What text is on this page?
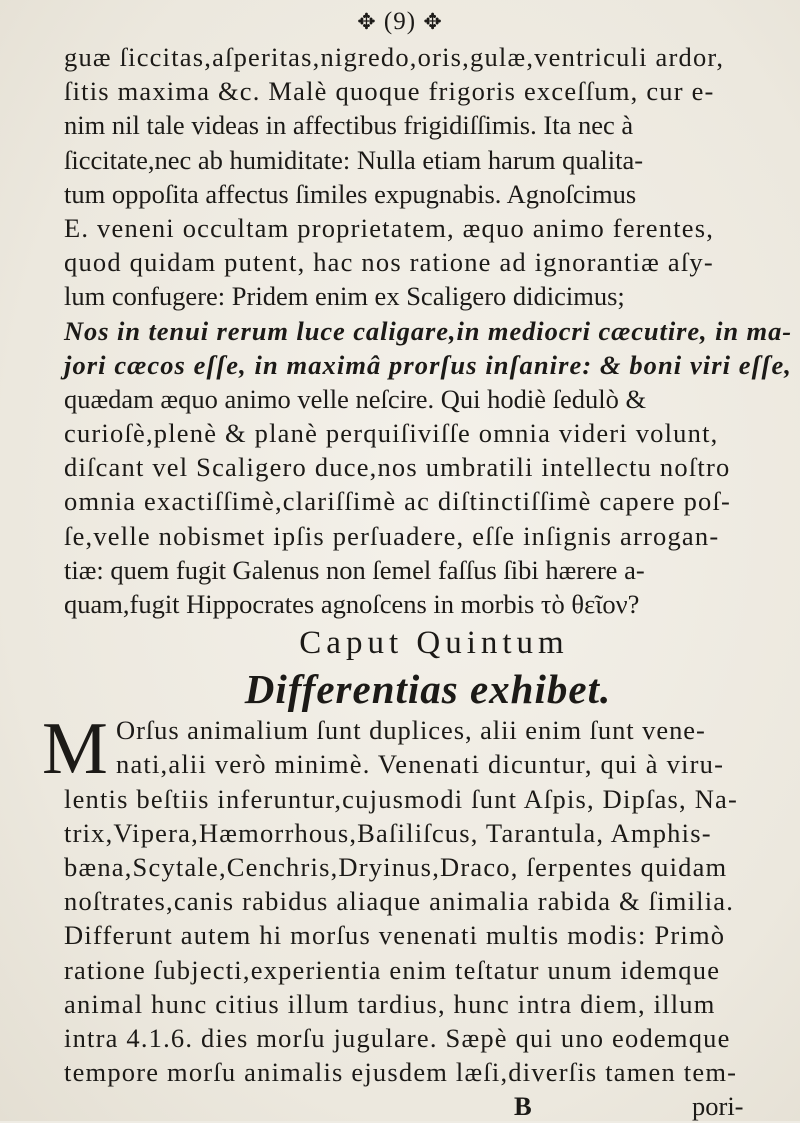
✥ (9) ✥
guæ ſiccitas,aſperitas,nigredo,oris,gulæ,ventriculi ardor,
ſitis maxima &c. Malè quoque frigoris exceſſum, cur e-
nim nil tale videas in affectibus frigidiſſimis. Ita nec à
ſiccitate,nec ab humiditate: Nulla etiam harum qualita-
tum oppoſita affectus ſimiles expugnabis. Agnoſcimus
E. veneni occultam proprietatem, æquo animo ferentes,
quod quidam putent, hac nos ratione ad ignorantiæ aſy-
lum confugere: Pridem enim ex Scaligero didicimus;
Nos in tenui rerum luce caligare,in mediocri cæcutire, in ma-
jori cæcos eſſe, in maximâ prorſus inſanire: & boni viri eſſe,
quædam æquo animo velle neſcire. Qui hodiè ſedulò &
curioſè,plenè & planè perquiſiviſſe omnia videri volunt,
diſcant vel Scaligero duce,nos umbratili intellectu noſtro
omnia exactiſſimè,clariſſimè ac diſtinctiſſimè capere poſ-
ſe,velle nobismet ipſis perſuadere, eſſe inſignis arrogan-
tiæ: quem fugit Galenus non ſemel faſſus ſibi hærere a-
quam,fugit Hippocrates agnoſcens in morbis τὸ θεῖον?
Caput Quintum
Differentias exhibet.
M Orſus animalium ſunt duplices, alii enim ſunt vene-
nati,alii verò minimè. Venenati dicuntur, qui à viru-
lentis beſtiis inferuntur,cujusmodi ſunt Aſpis, Dipſas, Na-
trix,Vipera,Hæmorrhous,Baſiliſcus, Tarantula, Amphis-
bæna,Scytale,Cenchris,Dryinus,Draco, ſerpentes quidam
noſtrates,canis rabidus aliaque animalia rabida & ſimilia.
Differunt autem hi morſus venenati multis modis: Primò
ratione ſubjecti,experientia enim teſtatur unum idemque
animal hunc citius illum tardius, hunc intra diem, illum
intra 4.1.6. dies morſu jugulare. Sæpè qui uno eodemque
tempore morſu animalis ejusdem læſi,diverſis tamen tem-
B	pori-
